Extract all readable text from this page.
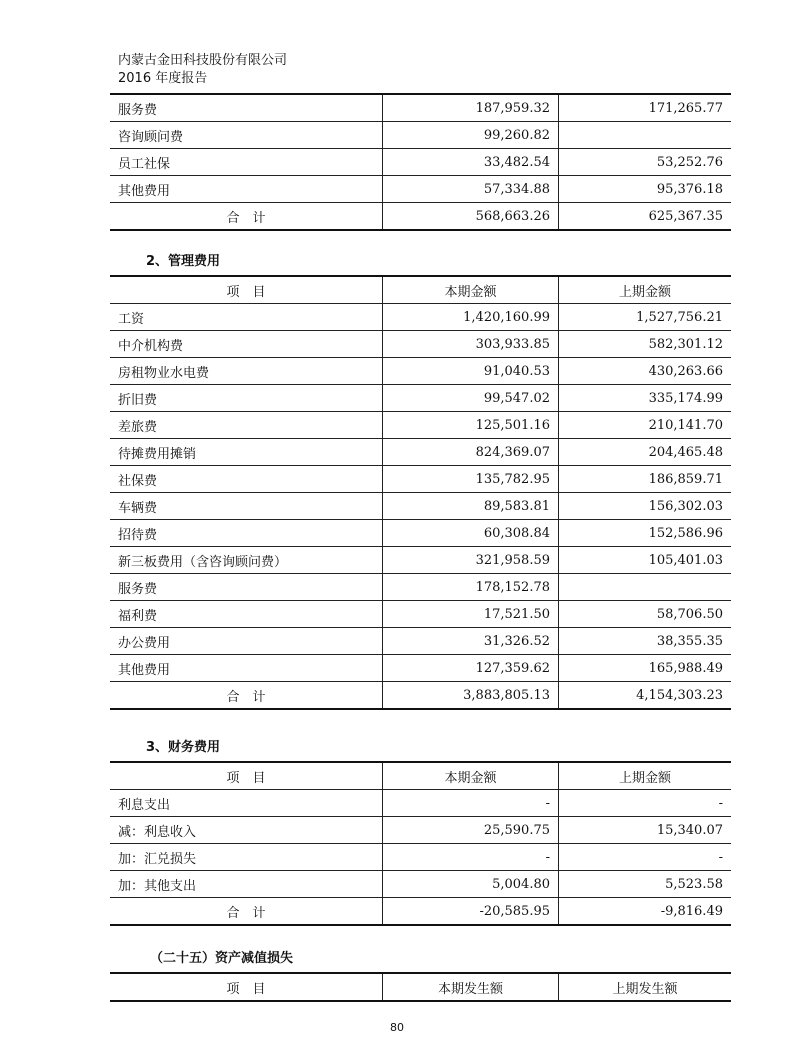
内蒙古金田科技股份有限公司
2016 年度报告
服务费	187,959.32	171,265.77
咨询顾问费	99,260.82	
员工社保	33,482.54	53,252.76
其他费用	57,334.88	95,376.18
合　计	568,663.26	625,367.35
2、管理费用
项　目	本期金额	上期金额
工资	1,420,160.99	1,527,756.21
中介机构费	303,933.85	582,301.12
房租物业水电费	91,040.53	430,263.66
折旧费	99,547.02	335,174.99
差旅费	125,501.16	210,141.70
待摊费用摊销	824,369.07	204,465.48
社保费	135,782.95	186,859.71
车辆费	89,583.81	156,302.03
招待费	60,308.84	152,586.96
新三板费用（含咨询顾问费）	321,958.59	105,401.03
服务费	178,152.78	
福利费	17,521.50	58,706.50
办公费用	31,326.52	38,355.35
其他费用	127,359.62	165,988.49
合　计	3,883,805.13	4,154,303.23
3、财务费用
项　目	本期金额	上期金额
利息支出	-	-
减：利息收入	25,590.75	15,340.07
加：汇兑损失	-	-
加：其他支出	5,004.80	5,523.58
合　计	-20,585.95	-9,816.49
（二十五）资产减值损失
项　目	本期发生额	上期发生额
80
